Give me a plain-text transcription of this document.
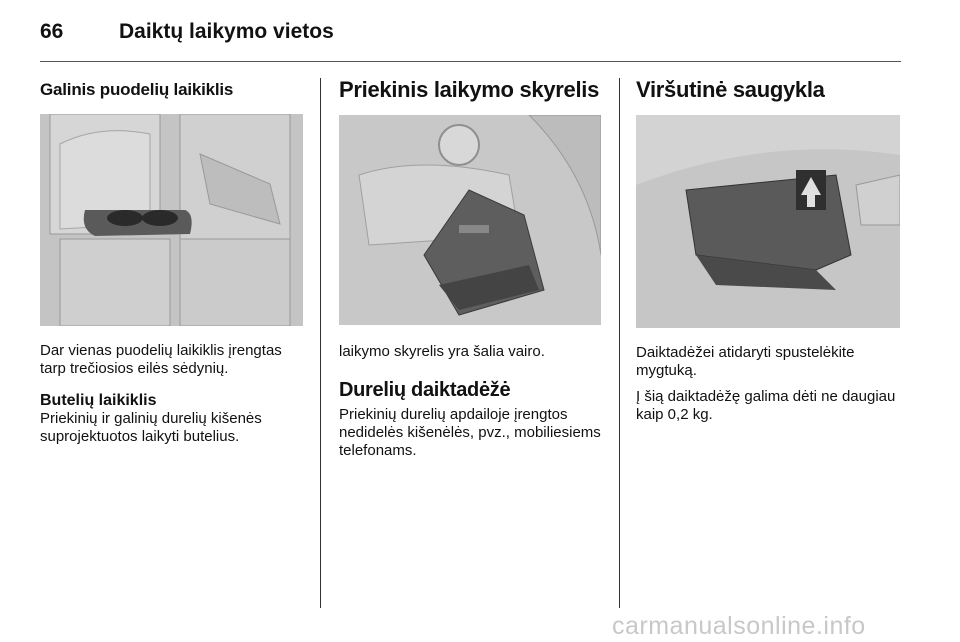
66	Daiktų laikymo vietos
Galinis puodelių laikiklis

Dar vienas puodelių laikiklis įrengtas tarp trečiosios eilės sėdynių.

Butelių laikiklis

Priekinių ir galinių durelių kišenės suprojektuotos laikyti butelius.

Priekinis laikymo skyrelis

laikymo skyrelis yra šalia vairo.

Durelių daiktadėžė

Priekinių durelių apdailoje įrengtos nedidelės kišenėlės, pvz., mobiliesiems telefonams.

Viršutinė saugykla

Daiktadėžei atidaryti spustelėkite mygtuką.

Į šią daiktadėžę galima dėti ne daugiau kaip 0,2 kg.

carmanualsonline.info
